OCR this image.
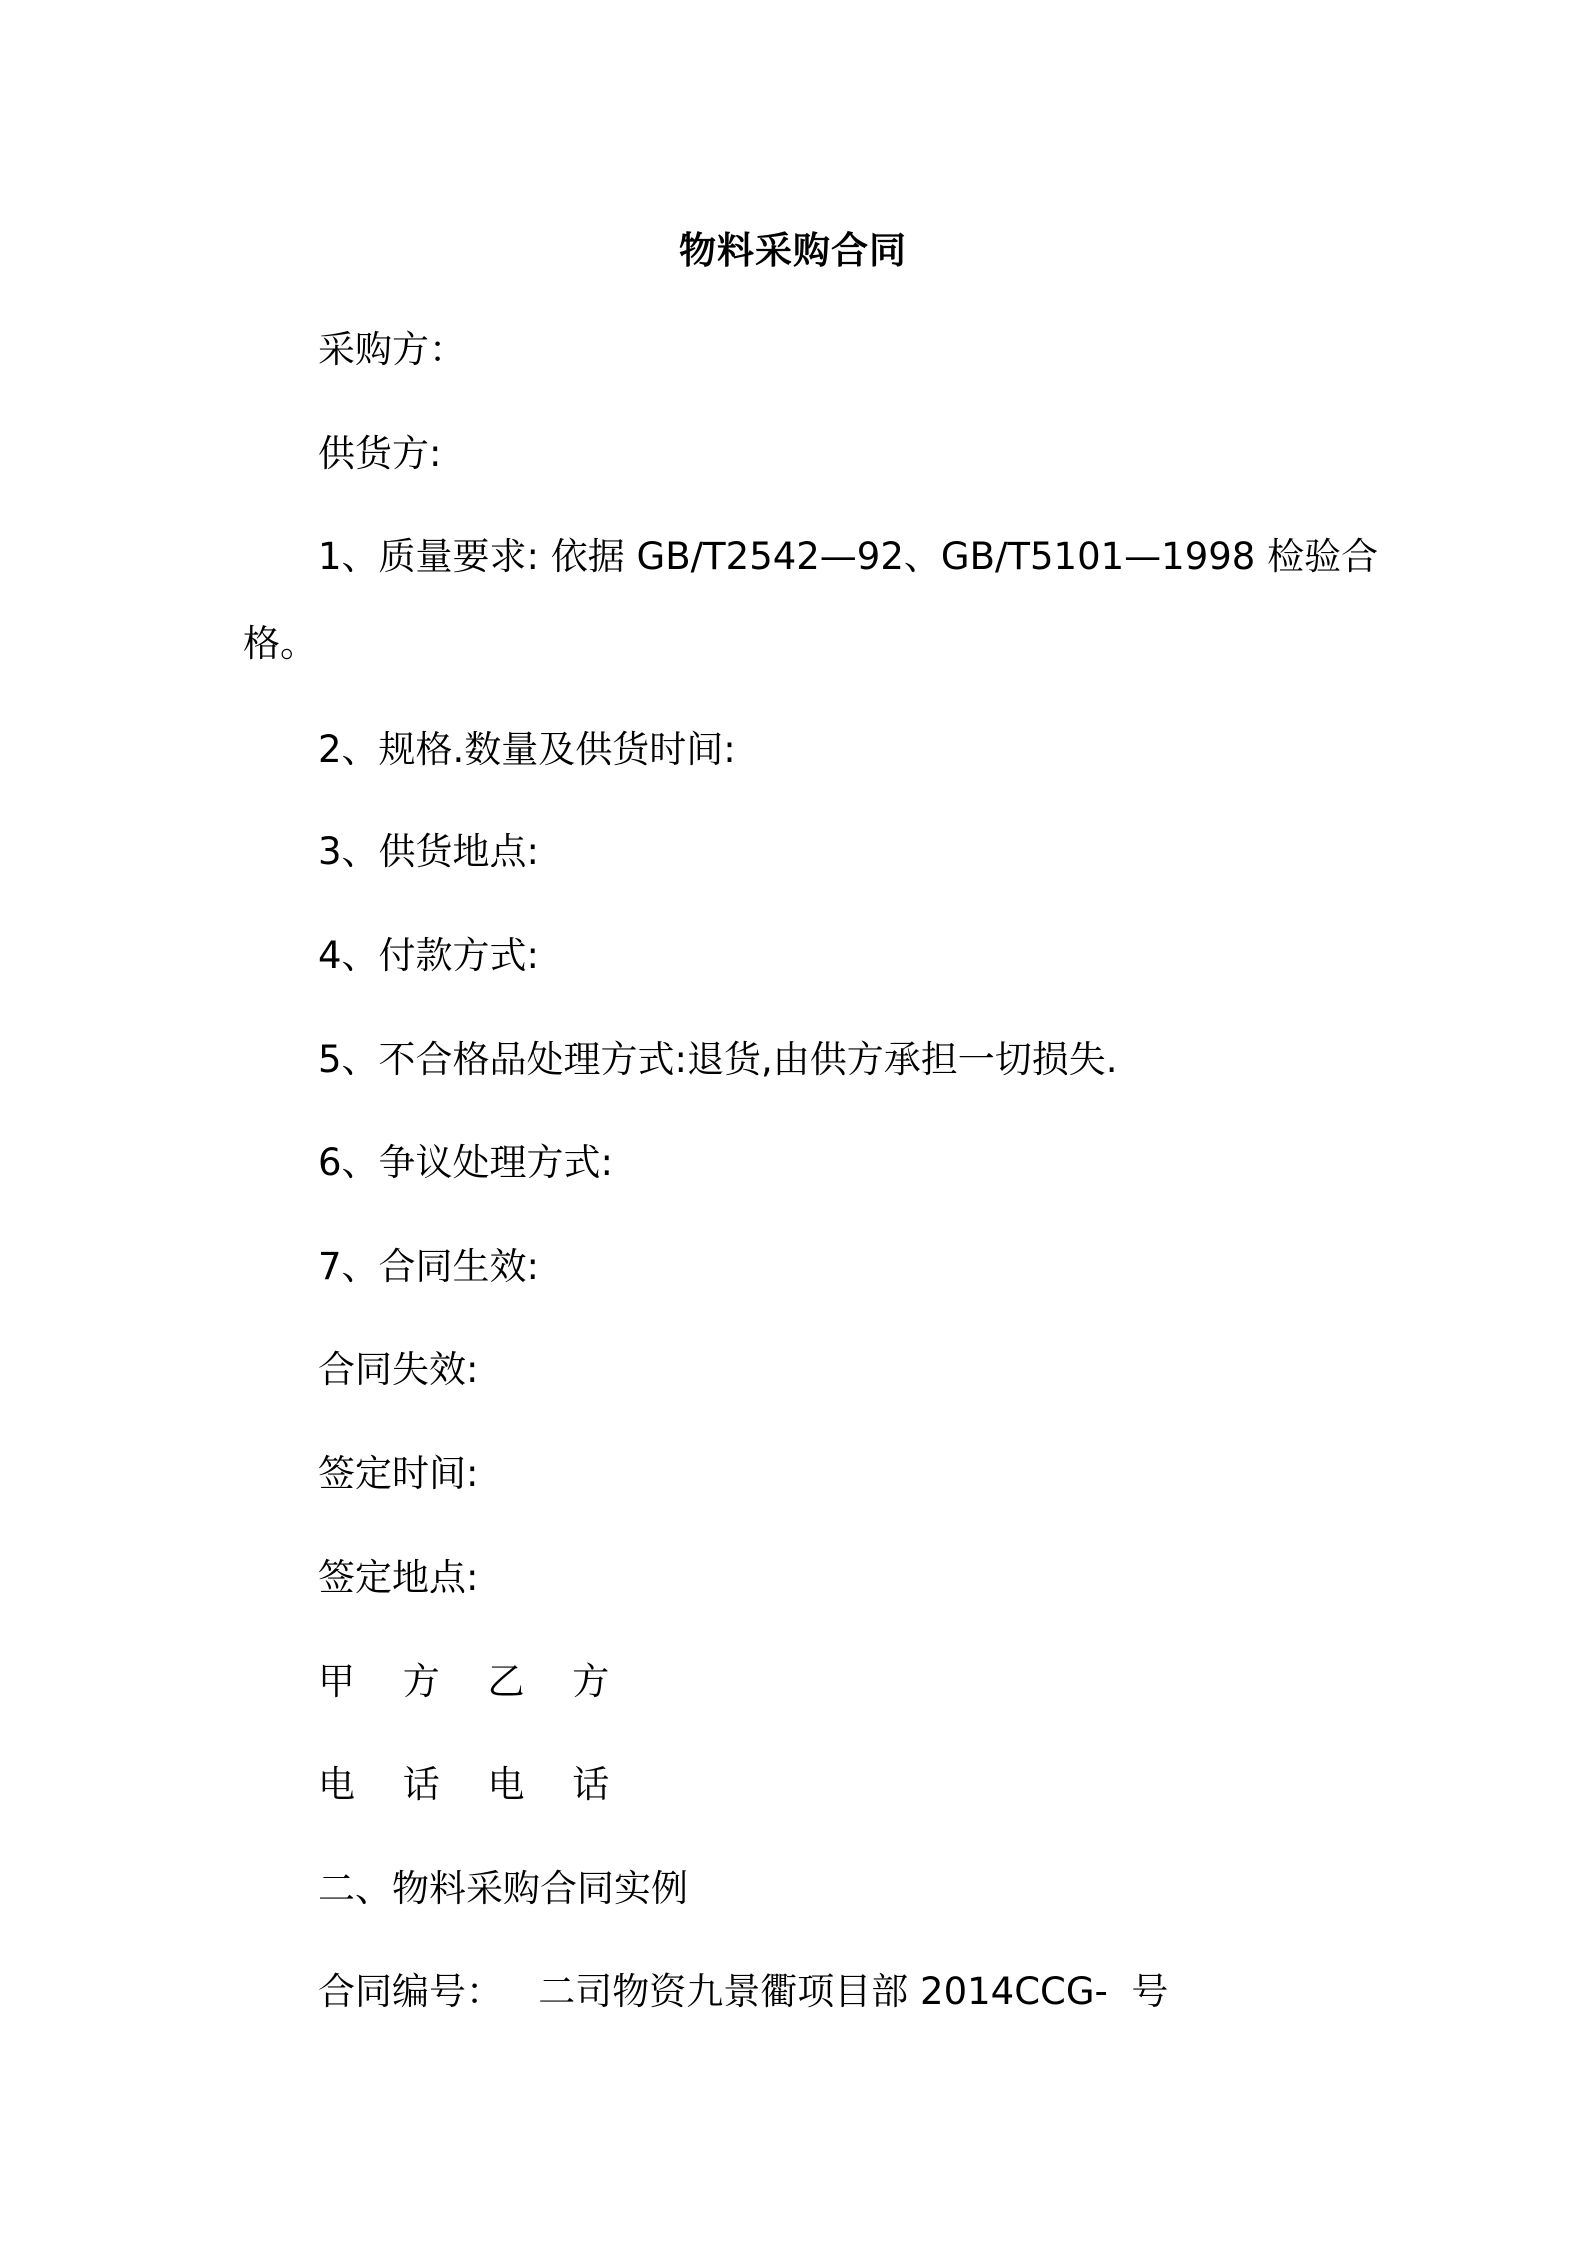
物料采购合同
采购方：
供货方:
1、质量要求: 依据 GB/T2542—92、GB/T5101—1998 检验合
格。
2、规格.数量及供货时间:
3、供货地点:
4、付款方式:
5、不合格品处理方式:退货,由供方承担一切损失.
6、争议处理方式:
7、合同生效:
合同失效:
签定时间:
签定地点:
甲 方 乙 方
电 话 电 话
二、物料采购合同实例
合同编号：   二司物资九景衢项目部 2014CCG-  号
